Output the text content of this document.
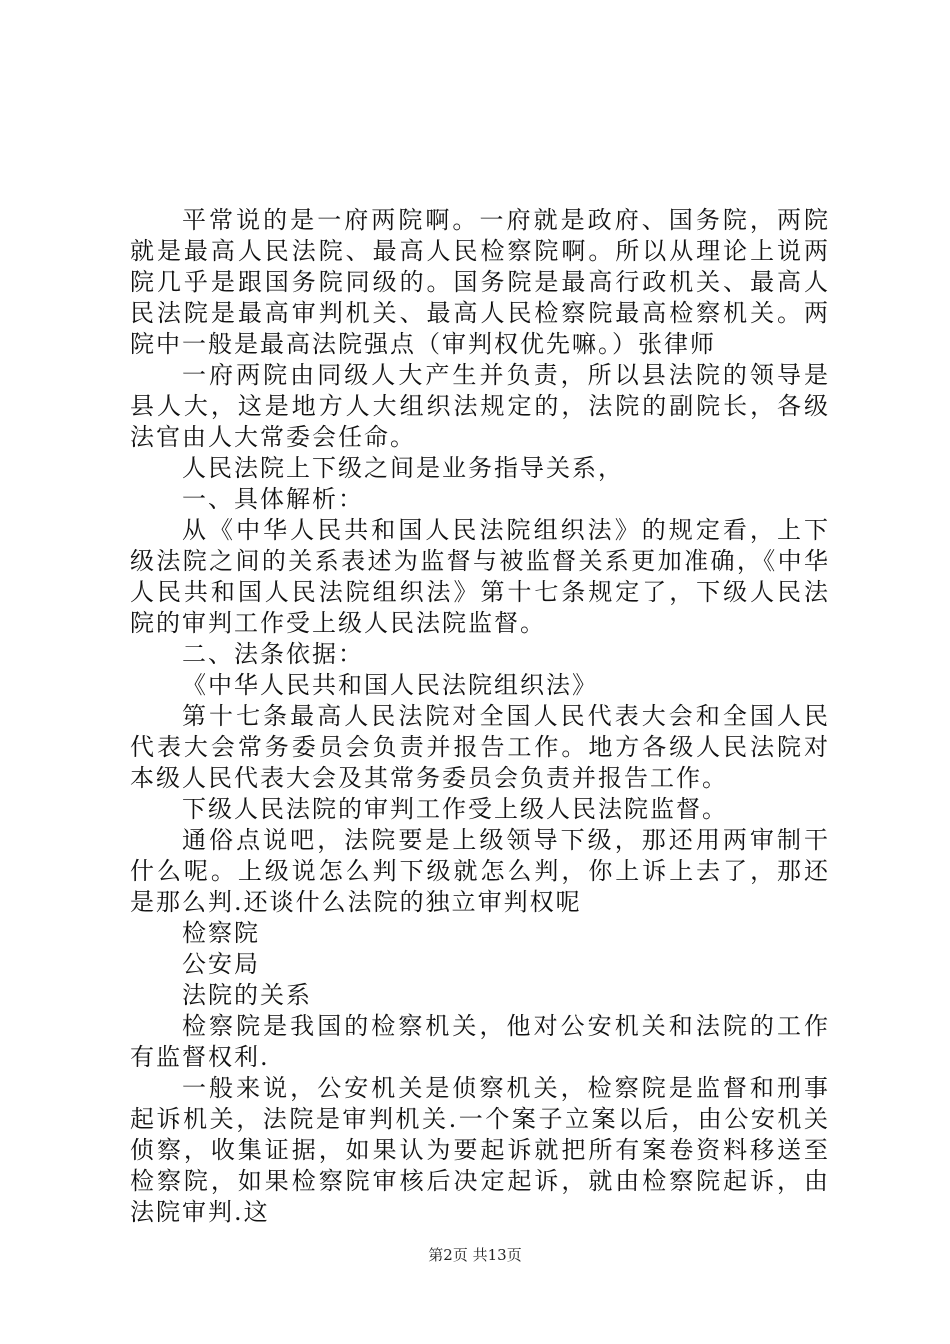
平常说的是一府两院啊。一府就是政府、国务院，两院就是最高人民法院、最高人民检察院啊。所以从理论上说两院几乎是跟国务院同级的。国务院是最高行政机关、最高人民法院是最高审判机关、最高人民检察院最高检察机关。两院中一般是最高法院强点（审判权优先嘛。）张律师

一府两院由同级人大产生并负责，所以县法院的领导是县人大，这是地方人大组织法规定的，法院的副院长，各级法官由人大常委会任命。

人民法院上下级之间是业务指导关系，

一、具体解析：

从《中华人民共和国人民法院组织法》的规定看，上下级法院之间的关系表述为监督与被监督关系更加准确，《中华人民共和国人民法院组织法》第十七条规定了，下级人民法院的审判工作受上级人民法院监督。

二、法条依据：

《中华人民共和国人民法院组织法》

第十七条最高人民法院对全国人民代表大会和全国人民代表大会常务委员会负责并报告工作。地方各级人民法院对本级人民代表大会及其常务委员会负责并报告工作。

下级人民法院的审判工作受上级人民法院监督。

通俗点说吧，法院要是上级领导下级，那还用两审制干什么呢。上级说怎么判下级就怎么判，你上诉上去了，那还是那么判.还谈什么法院的独立审判权呢

检察院

公安局

法院的关系

检察院是我国的检察机关，他对公安机关和法院的工作有监督权利.

一般来说，公安机关是侦察机关，检察院是监督和刑事起诉机关，法院是审判机关.一个案子立案以后，由公安机关侦察，收集证据，如果认为要起诉就把所有案卷资料移送至检察院，如果检察院审核后决定起诉，就由检察院起诉，由法院审判.这

第2页 共13页
